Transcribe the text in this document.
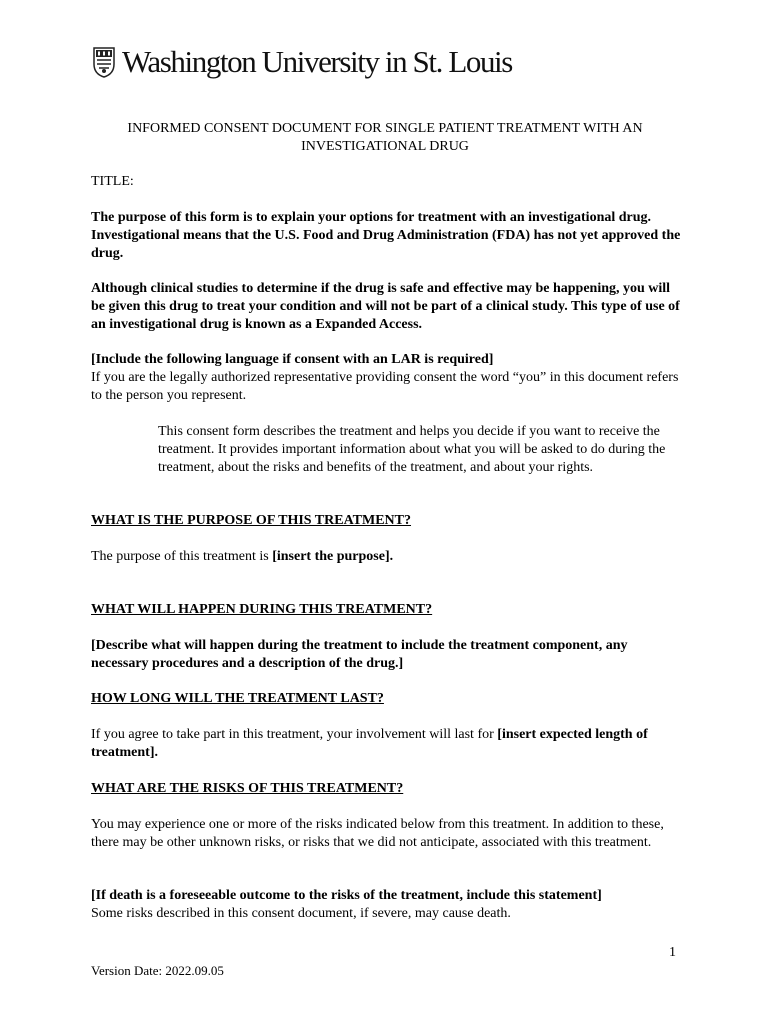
Washington University in St. Louis

INFORMED CONSENT DOCUMENT FOR SINGLE PATIENT TREATMENT WITH AN
INVESTIGATIONAL DRUG

TITLE:

The purpose of this form is to explain your options for treatment with an investigational drug. Investigational means that the U.S. Food and Drug Administration (FDA) has not yet approved the drug.

Although clinical studies to determine if the drug is safe and effective may be happening, you will be given this drug to treat your condition and will not be part of a clinical study. This type of use of an investigational drug is known as a Expanded Access.

[Include the following language if consent with an LAR is required]
If you are the legally authorized representative providing consent the word “you” in this document refers to the person you represent.

This consent form describes the treatment and helps you decide if you want to receive the treatment. It provides important information about what you will be asked to do during the treatment, about the risks and benefits of the treatment, and about your rights.

WHAT IS THE PURPOSE OF THIS TREATMENT?

The purpose of this treatment is [insert the purpose].

WHAT WILL HAPPEN DURING THIS TREATMENT?

[Describe what will happen during the treatment to include the treatment component, any necessary procedures and a description of the drug.]

HOW LONG WILL THE TREATMENT LAST?

If you agree to take part in this treatment, your involvement will last for [insert expected length of treatment].

WHAT ARE THE RISKS OF THIS TREATMENT?

You may experience one or more of the risks indicated below from this treatment. In addition to these, there may be other unknown risks, or risks that we did not anticipate, associated with this treatment.

[If death is a foreseeable outcome to the risks of the treatment, include this statement]
Some risks described in this consent document, if severe, may cause death.

1
Version Date: 2022.09.05
